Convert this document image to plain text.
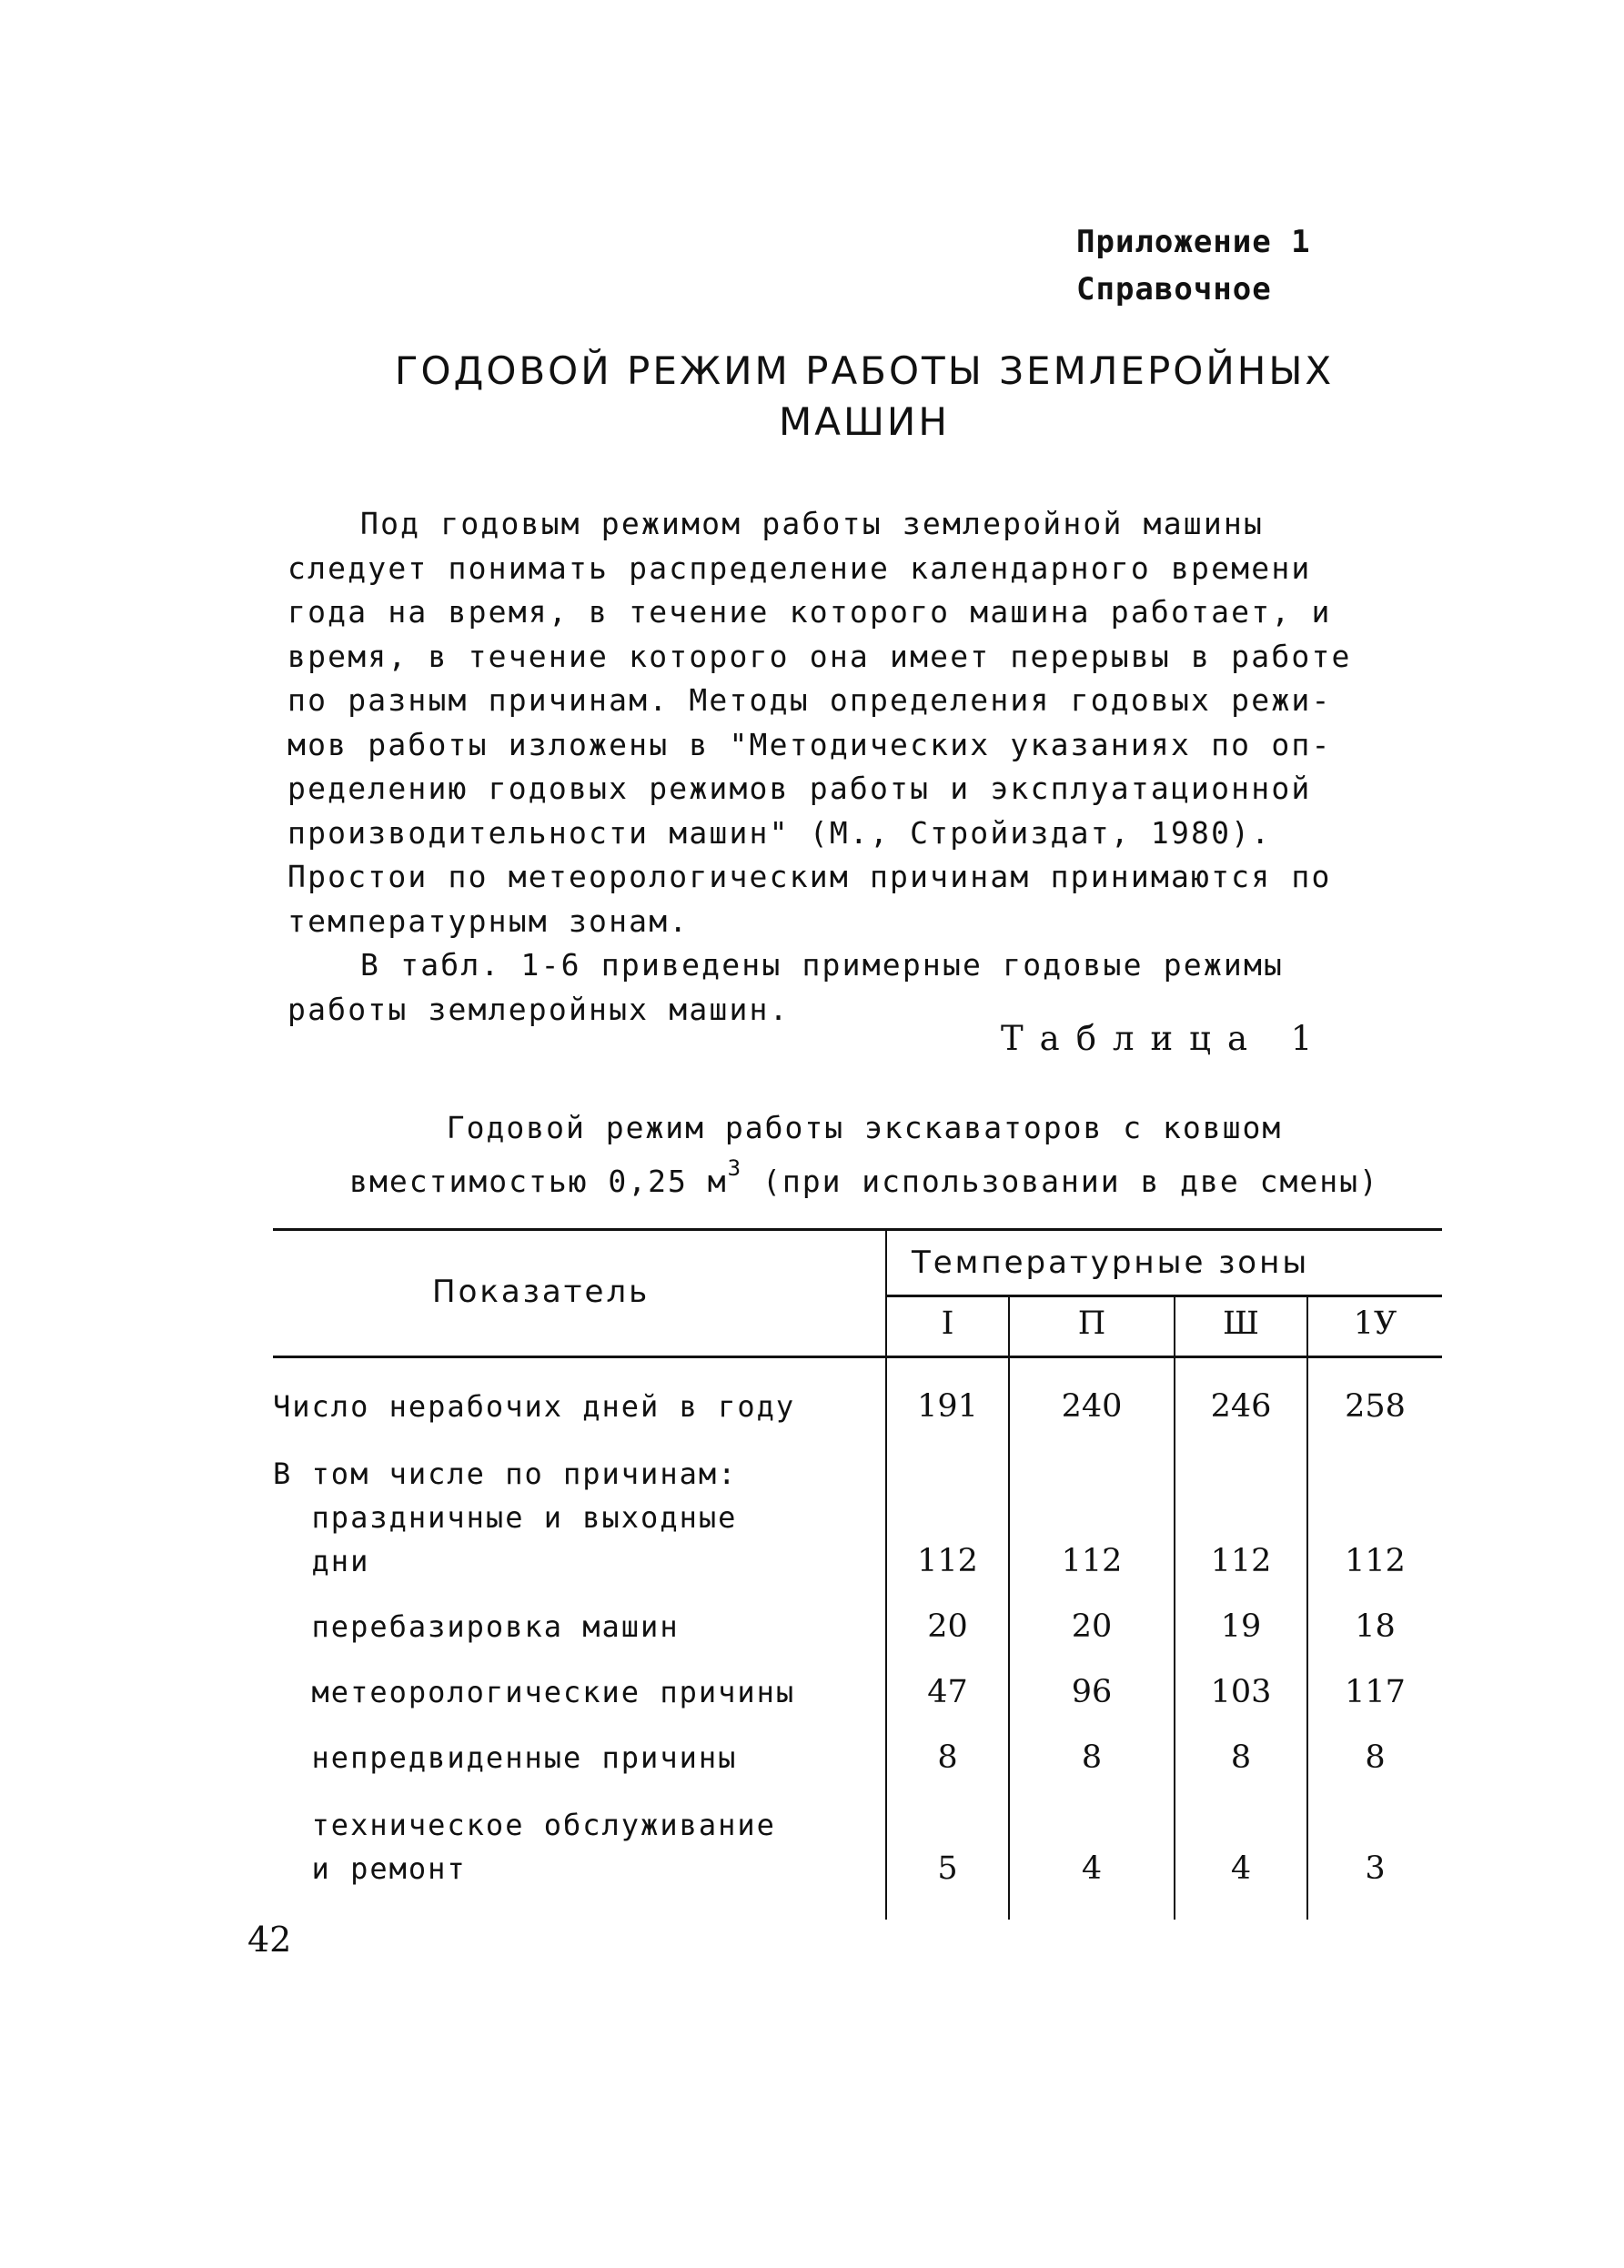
Приложение 1
Справочное
ГОДОВОЙ РЕЖИМ РАБОТЫ ЗЕМЛЕРОЙНЫХ
МАШИН
Под годовым режимом работы землеройной машины
следует понимать распределение календарного времени
года на время, в течение которого машина работает, и
время, в течение которого она имеет перерывы в работе
по разным причинам. Методы определения годовых режи-
мов работы изложены в "Методических указаниях по оп-
ределению годовых режимов работы и эксплуатационной
производительности машин" (М., Стройиздат, 1980).
Простои по метеорологическим причинам принимаются по
температурным зонам.
В табл. 1-6 приведены примерные годовые режимы
работы землеройных машин.
Таблица 1
Годовой режим работы экскаваторов с ковшом
вместимостью 0,25 $м^3$ (при использовании в две смены)
Показатель
Температурные зоны
I	П	Ш	1У
Число нерабочих дней в году	191	240	246	258
В том числе по причинам:
праздничные и выходные
дни	112	112	112	112
перебазировка машин	20	20	19	18
метеорологические причины	47	96	103	117
непредвиденные причины	8	8	8	8
техническое обслуживание
и ремонт	5	4	4	3
42
